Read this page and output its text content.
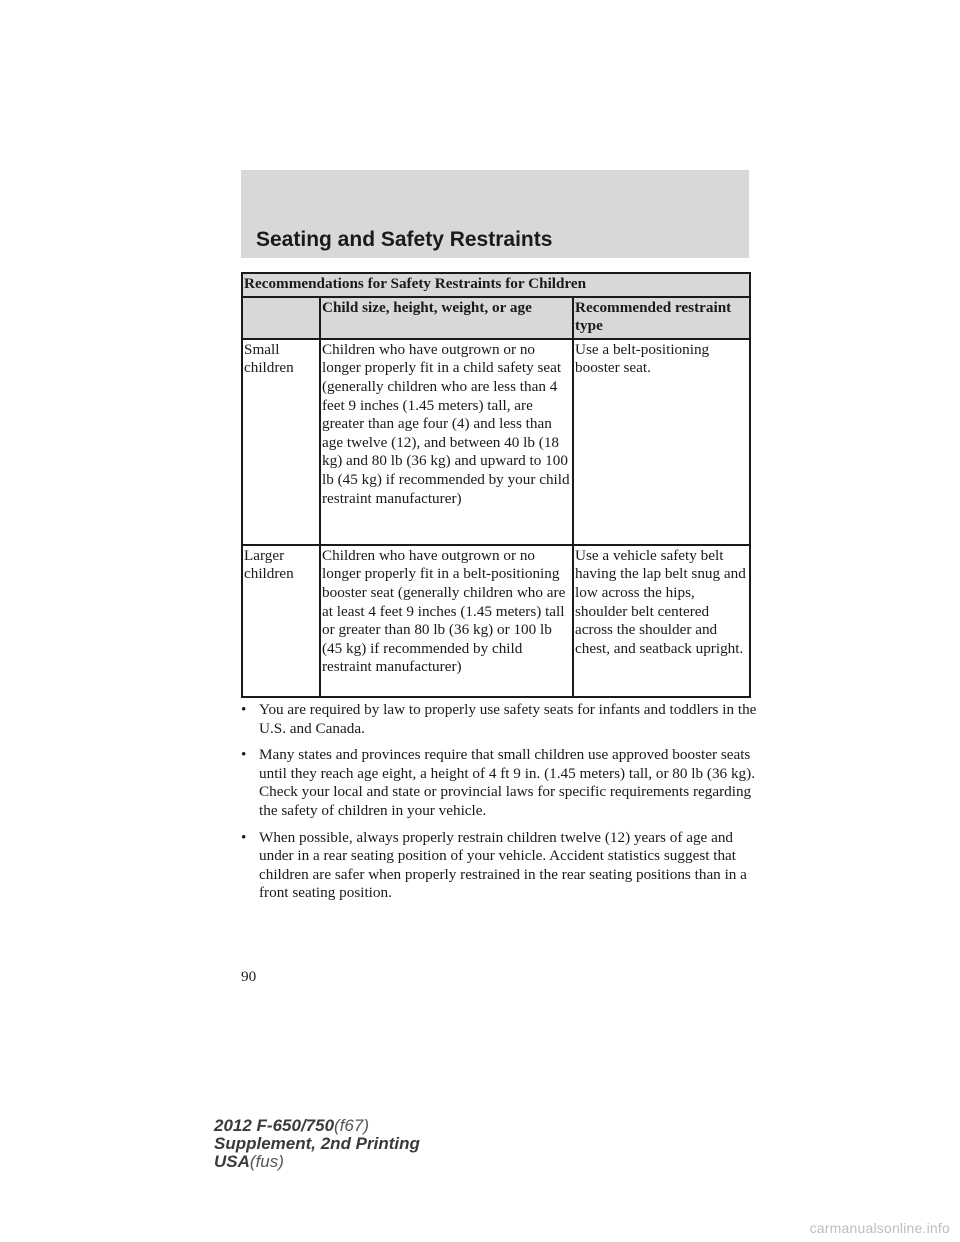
Seating and Safety Restraints
Recommendations for Safety Restraints for Children		
	Child size, height, weight, or age	Recommended restraint type
Small children	Children who have outgrown or no longer properly fit in a child safety seat (generally children who are less than 4 feet 9 inches (1.45 meters) tall, are greater than age four (4) and less than age twelve (12), and between 40 lb (18 kg) and 80 lb (36 kg) and upward to 100 lb (45 kg) if recommended by your child restraint manufacturer)	Use a belt-positioning booster seat.
Larger children	Children who have outgrown or no longer properly fit in a belt-positioning booster seat (generally children who are at least 4 feet 9 inches (1.45 meters) tall or greater than 80 lb (36 kg) or 100 lb (45 kg) if recommended by child restraint manufacturer)	Use a vehicle safety belt having the lap belt snug and low across the hips, shoulder belt centered across the shoulder and chest, and seatback upright.
• You are required by law to properly use safety seats for infants and toddlers in the U.S. and Canada.
• Many states and provinces require that small children use approved booster seats until they reach age eight, a height of 4 ft 9 in. (1.45 meters) tall, or 80 lb (36 kg). Check your local and state or provincial laws for specific requirements regarding the safety of children in your vehicle.
• When possible, always properly restrain children twelve (12) years of age and under in a rear seating position of your vehicle. Accident statistics suggest that children are safer when properly restrained in the rear seating positions than in a front seating position.
90
2012 F-650/750(f67)
Supplement, 2nd Printing
USA(fus)
carmanualsonline.info
